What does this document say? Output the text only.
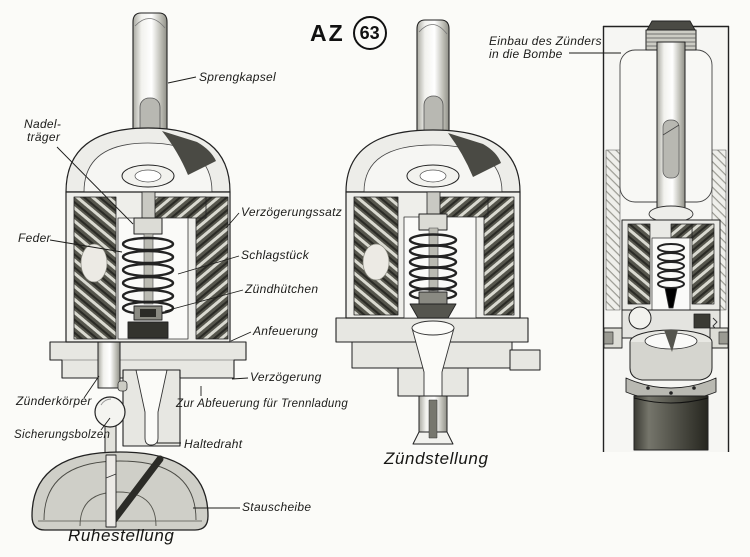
AZ 63
Sprengkapsel
Nadel-
träger
Feder
Verzögerungssatz
Schlagstück
Zündhütchen
Anfeuerung
Verzögerung
Zur Abfeuerung für Trennladung
Zünderkörper
Sicherungsbolzen
Haltedraht
Stauscheibe
Einbau des Zünders
in die Bombe
Ruhestellung
Zündstellung
